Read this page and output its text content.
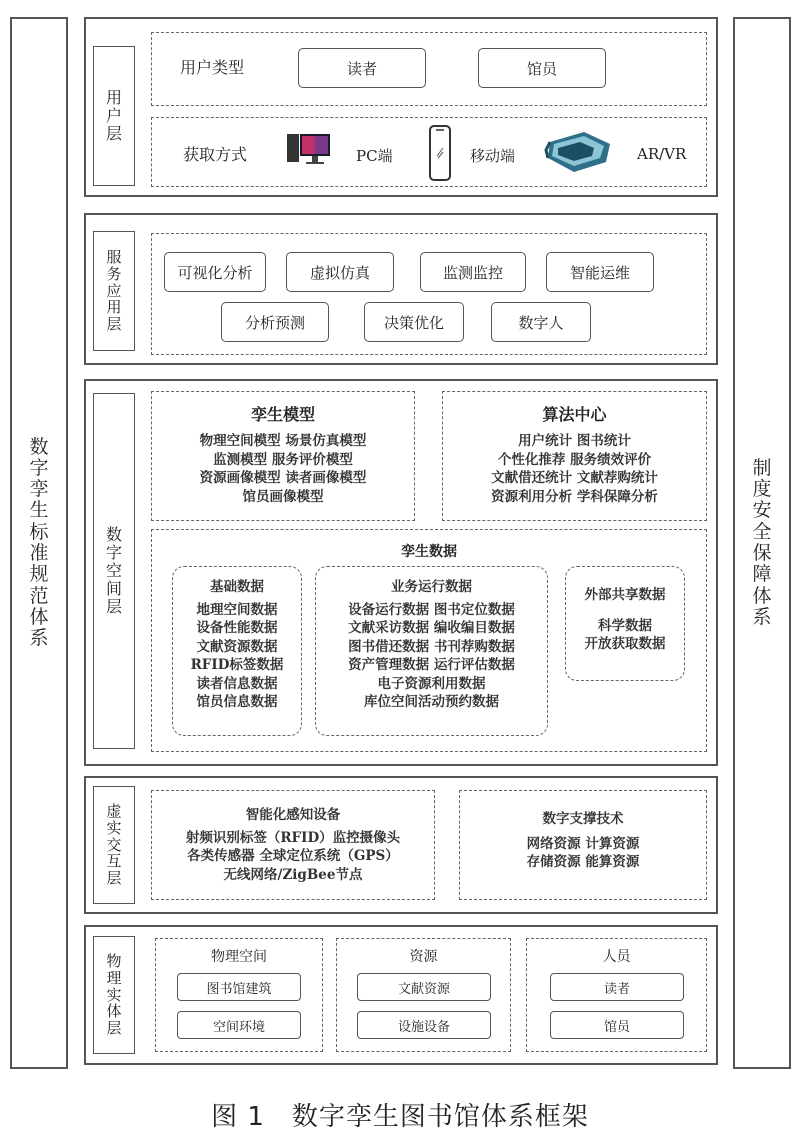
数
字
孪
生
标
准
规
范
体
系
制
度
安
全
保
障
体
系
用
户
层
用户类型	读者	馆员
获取方式	PC端	移动端	AR/VR
服
务
应
用
层
可视化分析	虚拟仿真	监测监控	智能运维
分析预测	决策优化	数字人
数
字
空
间
层
孪生模型
物理空间模型 场景仿真模型
监测模型 服务评价模型
资源画像模型 读者画像模型
馆员画像模型
算法中心
用户统计 图书统计
个性化推荐 服务绩效评价
文献借还统计 文献荐购统计
资源利用分析 学科保障分析
孪生数据
基础数据
地理空间数据
设备性能数据
文献资源数据
RFID标签数据
读者信息数据
馆员信息数据
业务运行数据
设备运行数据 图书定位数据
文献采访数据 编收编目数据
图书借还数据 书刊荐购数据
资产管理数据 运行评估数据
电子资源利用数据
库位空间活动预约数据
外部共享数据
科学数据
开放获取数据
虚
实
交
互
层
智能化感知设备
射频识别标签（RFID）监控摄像头
各类传感器 全球定位系统（GPS）
无线网络/ZigBee节点
数字支撑技术
网络资源 计算资源
存储资源 能算资源
物
理
实
体
层
物理空间
图书馆建筑
空间环境
资源
文献资源
设施设备
人员
读者
馆员
图 1　数字孪生图书馆体系框架
